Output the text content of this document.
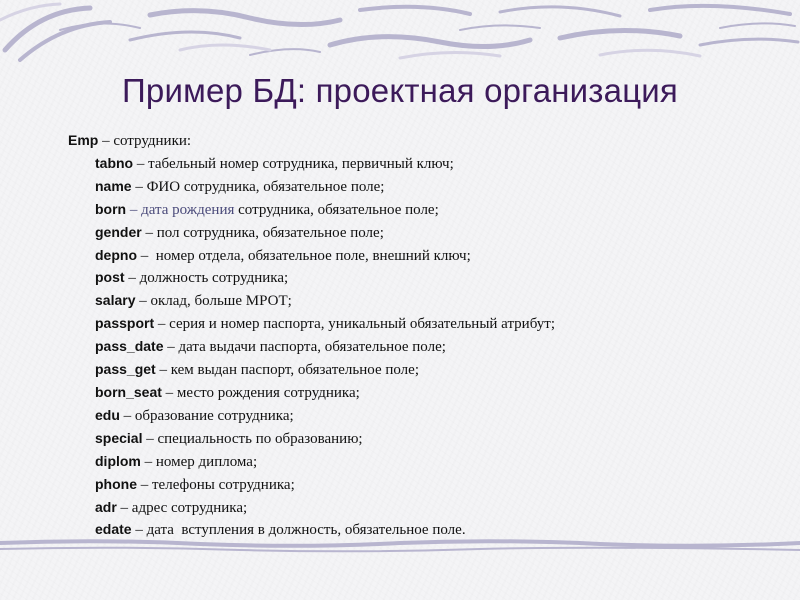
Пример БД: проектная организация
Emp – сотрудники:
tabno – табельный номер сотрудника, первичный ключ;
name – ФИО сотрудника, обязательное поле;
born – дата рождения сотрудника, обязательное поле;
gender – пол сотрудника, обязательное поле;
depno –  номер отдела, обязательное поле, внешний ключ;
post – должность сотрудника;
salary – оклад, больше МРОТ;
passport – серия и номер паспорта, уникальный обязательный атрибут;
pass_date – дата выдачи паспорта, обязательное поле;
pass_get – кем выдан паспорт, обязательное поле;
born_seat – место рождения сотрудника;
edu – образование сотрудника;
special – специальность по образованию;
diplom – номер диплома;
phone – телефоны сотрудника;
adr – адрес сотрудника;
edate – дата  вступления в должность, обязательное поле.
